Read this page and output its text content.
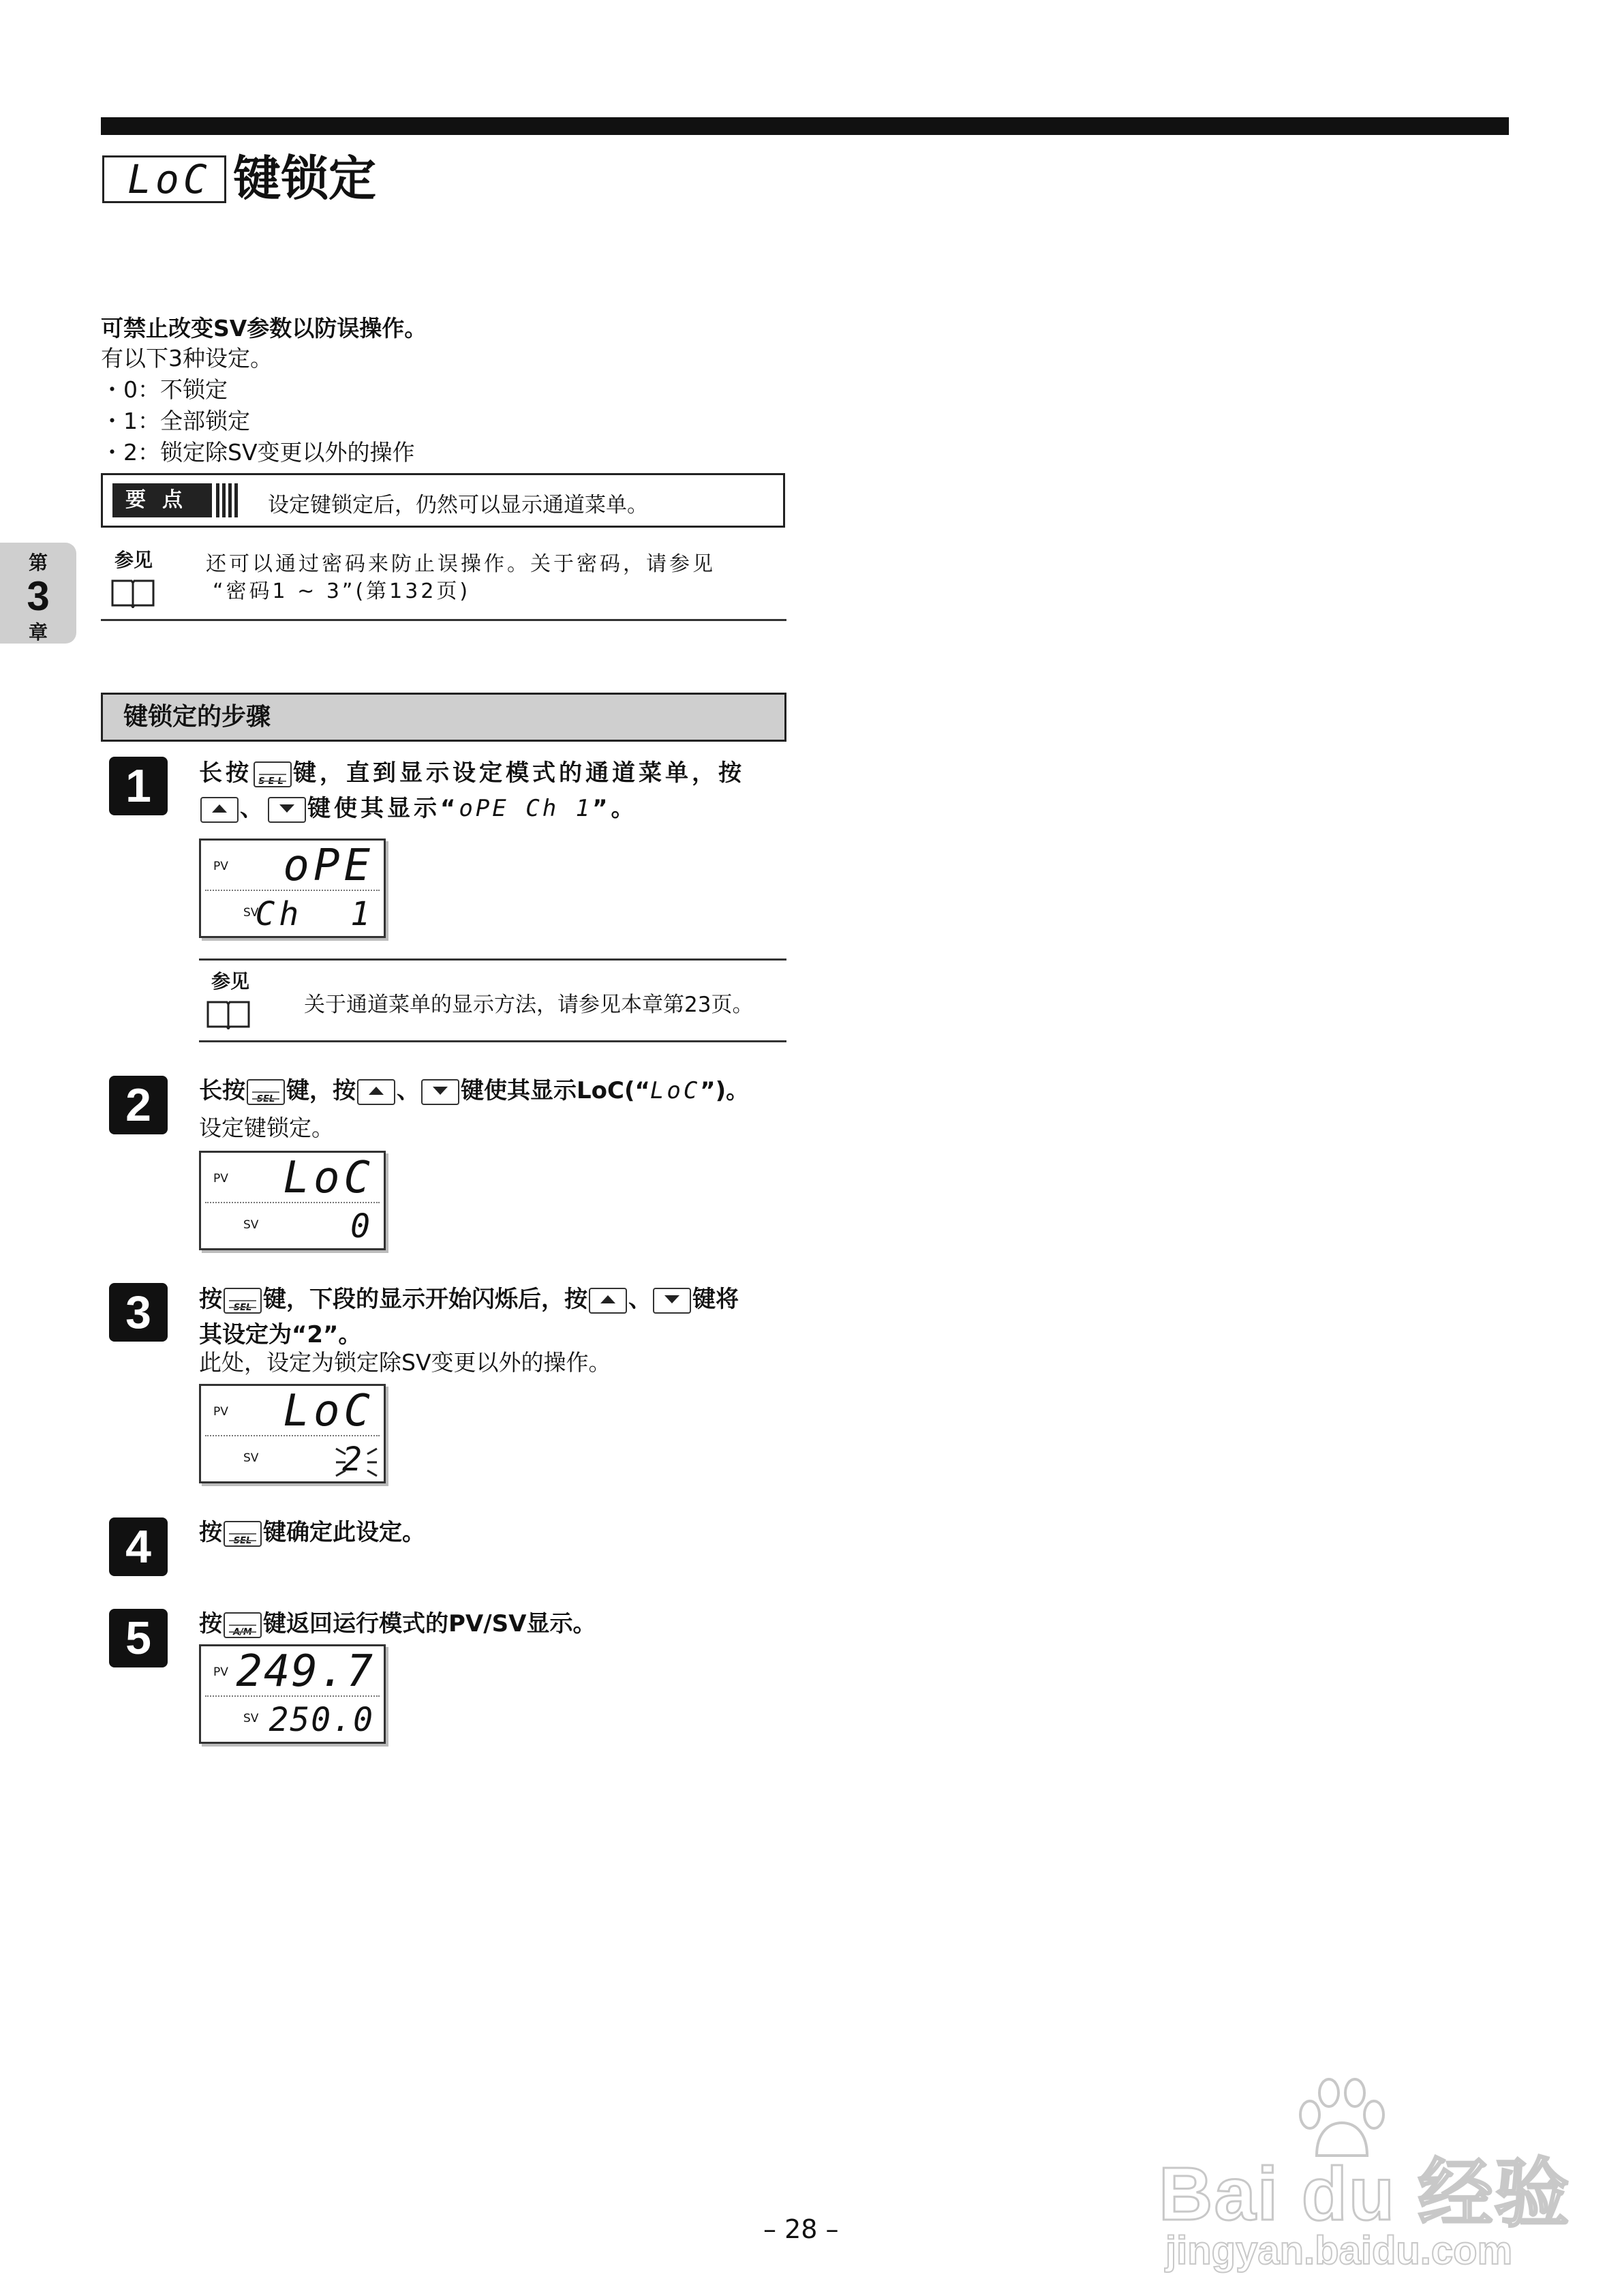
LoC 键锁定
第
3
章
可禁止改变SV参数以防误操作。
有以下3种设定。
・0：不锁定
・1：全部锁定
・2：锁定除SV变更以外的操作
要点	设定键锁定后，仍然可以显示通道菜单。
参见	还可以通过密码来防止误操作。关于密码，请参见
“密码1 ~ 3”(第132页)
键锁定的步骤
1	长按 SEL 键，直到显示设定模式的通道菜单，按

、 键使其显示“oPE Ch 1”。
PV oPE
SV
Ch  1
参见
关于通道菜单的显示方法，请参见本章第23页。
2	长按	SEL 键，按 、 键使其显示LoC(“LoC”)。
设定键锁定。
PV LoC
SV	0
3	按	SEL 键，下段的显示开始闪烁后，按 、 键将
其设定为“2”。
此处，设定为锁定除SV变更以外的操作。
PV LoC
SV	2
4	按	SEL 键确定此设定。
5	按	A/M 键返回运行模式的PV/SV显示。
PV 249.7
SV 250.0
– 28 –	Bai du 经验
jingyan.baidu.com
